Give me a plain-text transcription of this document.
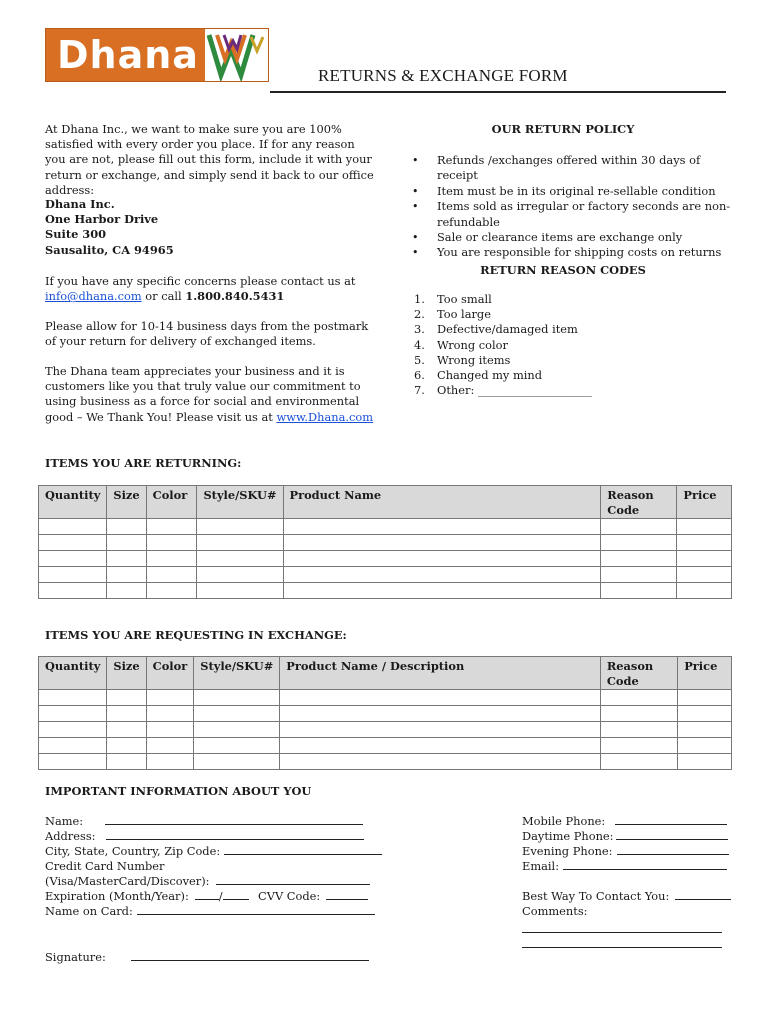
Dhana	RETURNS & EXCHANGE FORM
At Dhana Inc., we want to make sure you are 100% satisfied with every order you place. If for any reason you are not, please fill out this form, include it with your return or exchange, and simply send it back to our office address:
Dhana Inc.
One Harbor Drive
Suite 300
Sausalito, CA 94965
If you have any specific concerns please contact us at
info@dhana.com or call 1.800.840.5431
Please allow for 10-14 business days from the postmark of your return for delivery of exchanged items.
The Dhana team appreciates your business and it is customers like you that truly value our commitment to using business as a force for social and environmental good – We Thank You! Please visit us at www.Dhana.com
OUR RETURN POLICY
• Refunds /exchanges offered within 30 days of receipt
• Item must be in its original re-sellable condition
• Items sold as irregular or factory seconds are non-refundable
• Sale or clearance items are exchange only
• You are responsible for shipping costs on returns
RETURN REASON CODES
1. Too small
2. Too large
3. Defective/damaged item
4. Wrong color
5. Wrong items
6. Changed my mind
7. Other: ____________________
ITEMS YOU ARE RETURNING:
Quantity	Size	Color	Style/SKU#	Product Name	Reason Code	Price

ITEMS YOU ARE REQUESTING IN EXCHANGE:
Quantity	Size	Color	Style/SKU#	Product Name / Description	Reason Code	Price

IMPORTANT INFORMATION ABOUT YOU
Name:
Address:
City, State, Country, Zip Code:
Credit Card Number
(Visa/MasterCard/Discover):
Expiration (Month/Year):	/	CVV Code:
Name on Card:
Signature:
Mobile Phone:
Daytime Phone:
Evening Phone:
Email:
Best Way To Contact You:
Comments:
